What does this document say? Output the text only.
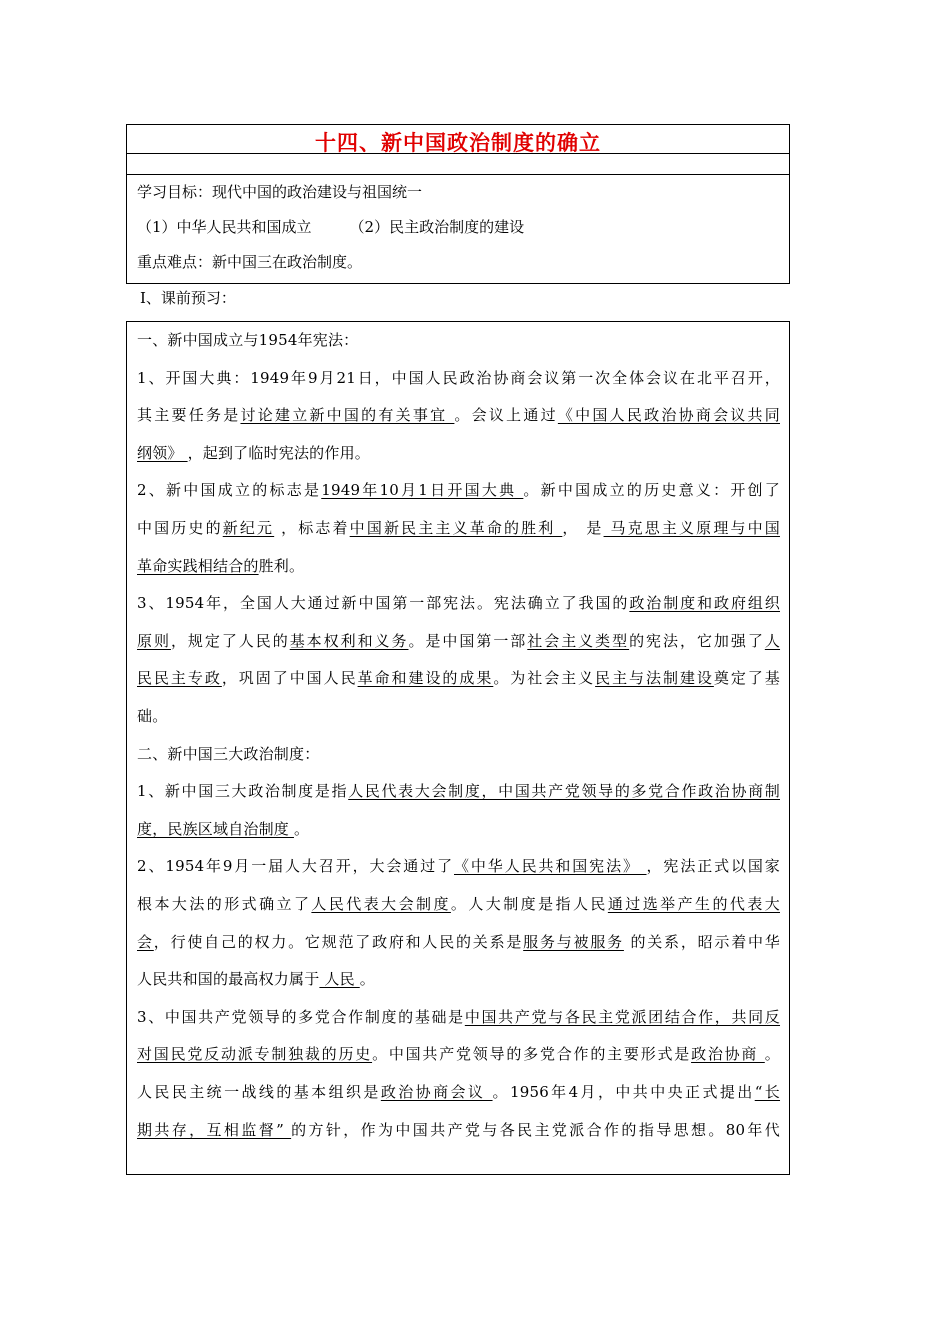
十四、新中国政治制度的确立
学习目标：现代中国的政治建设与祖国统一
（1）中华人民共和国成立	（2）民主政治制度的建设
重点难点：新中国三在政治制度。
Ⅰ、课前预习：
一、新中国成立与1954年宪法：
1、开国大典：1949年9月21日，中国人民政治协商会议第一次全体会议在北平召开，
其主要任务是讨论建立新中国的有关事宜 。会议上通过《中国人民政治协商会议共同
纲领》 ，起到了临时宪法的作用。
2、新中国成立的标志是1949年10月1日开国大典 。新中国成立的历史意义：开创了
中国历史的新纪元 ，标志着中国新民主主义革命的胜利 ， 是 马克思主义原理与中国
革命实践相结合的胜利。
3、1954年，全国人大通过新中国第一部宪法。宪法确立了我国的政治制度和政府组织
原则，规定了人民的基本权利和义务。是中国第一部社会主义类型的宪法，它加强了人
民民主专政，巩固了中国人民革命和建设的成果。为社会主义民主与法制建设奠定了基
础。
二、新中国三大政治制度：
1、新中国三大政治制度是指人民代表大会制度，中国共产党领导的多党合作政治协商制
度，民族区域自治制度 。
2、1954年9月一届人大召开，大会通过了《中华人民共和国宪法》 ，宪法正式以国家
根本大法的形式确立了人民代表大会制度。人大制度是指人民通过选举产生的代表大
会，行使自己的权力。它规范了政府和人民的关系是服务与被服务 的关系，昭示着中华
人民共和国的最高权力属于 人民 。
3、中国共产党领导的多党合作制度的基础是中国共产党与各民主党派团结合作，共同反
对国民党反动派专制独裁的历史。中国共产党领导的多党合作的主要形式是政治协商 。
人民民主统一战线的基本组织是政治协商会议 。1956年4月，中共中央正式提出“长
期共存，互相监督” 的方针，作为中国共产党与各民主党派合作的指导思想。80年代
